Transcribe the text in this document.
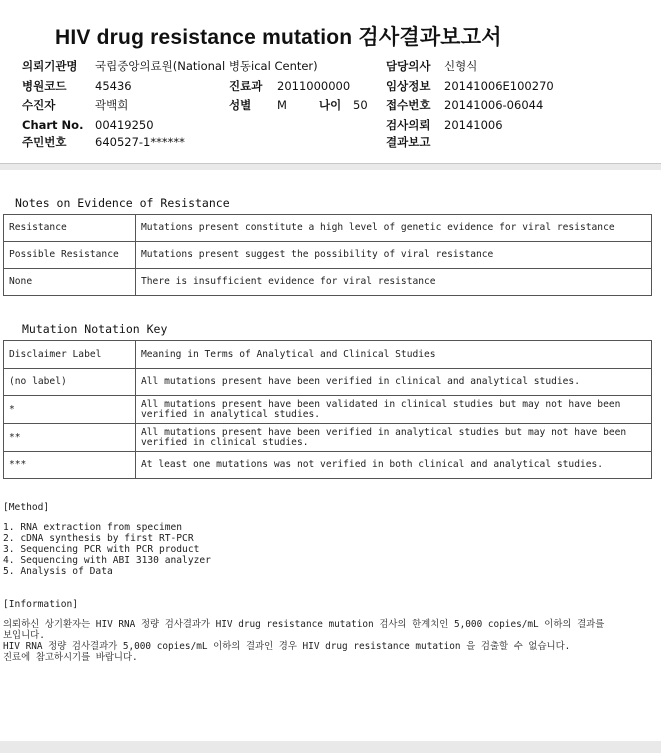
HIV drug resistance mutation 검사결과보고서
의뢰기관명 국립중앙의료원(National 병동ical Center)	담당의사 신형식
병원코드 45436	진료과 2011000000	임상정보 20141006E100270
수진자	곽백희	성별 M	나이 50 접수번호 20141006-06044
Chart No. 00419250	검사의뢰 20141006
주민번호 640527-1******	결과보고
Notes on Evidence of Resistance
Resistance	Mutations present constitute a high level of genetic evidence for viral resistance
Possible Resistance	Mutations present suggest the possibility of viral resistance
None	There is insufficient evidence for viral resistance
Mutation Notation Key
Disclaimer Label	Meaning in Terms of Analytical and Clinical Studies
(no label)	All mutations present have been verified in clinical and analytical studies.
*	All mutations present have been validated in clinical studies but may not have been verified in analytical studies.
**	All mutations present have been verified in analytical studies but may not have been verified in clinical studies.
***	At least one mutations was not verified in both clinical and analytical studies.
[Method]
1. RNA extraction from specimen
2. cDNA synthesis by first RT-PCR
3. Sequencing PCR with PCR product
4. Sequencing with ABI 3130 analyzer
5. Analysis of Data
[Information]
의뢰하신 상기환자는 HIV RNA 정량 검사결과가 HIV drug resistance mutation 검사의 한계치인 5,000 copies/mL 이하의 결과를
보입니다.
HIV RNA 정량 검사결과가 5,000 copies/mL 이하의 결과인 경우 HIV drug resistance mutation 을 검출할 수 없습니다.
진료에 참고하시기를 바랍니다.
